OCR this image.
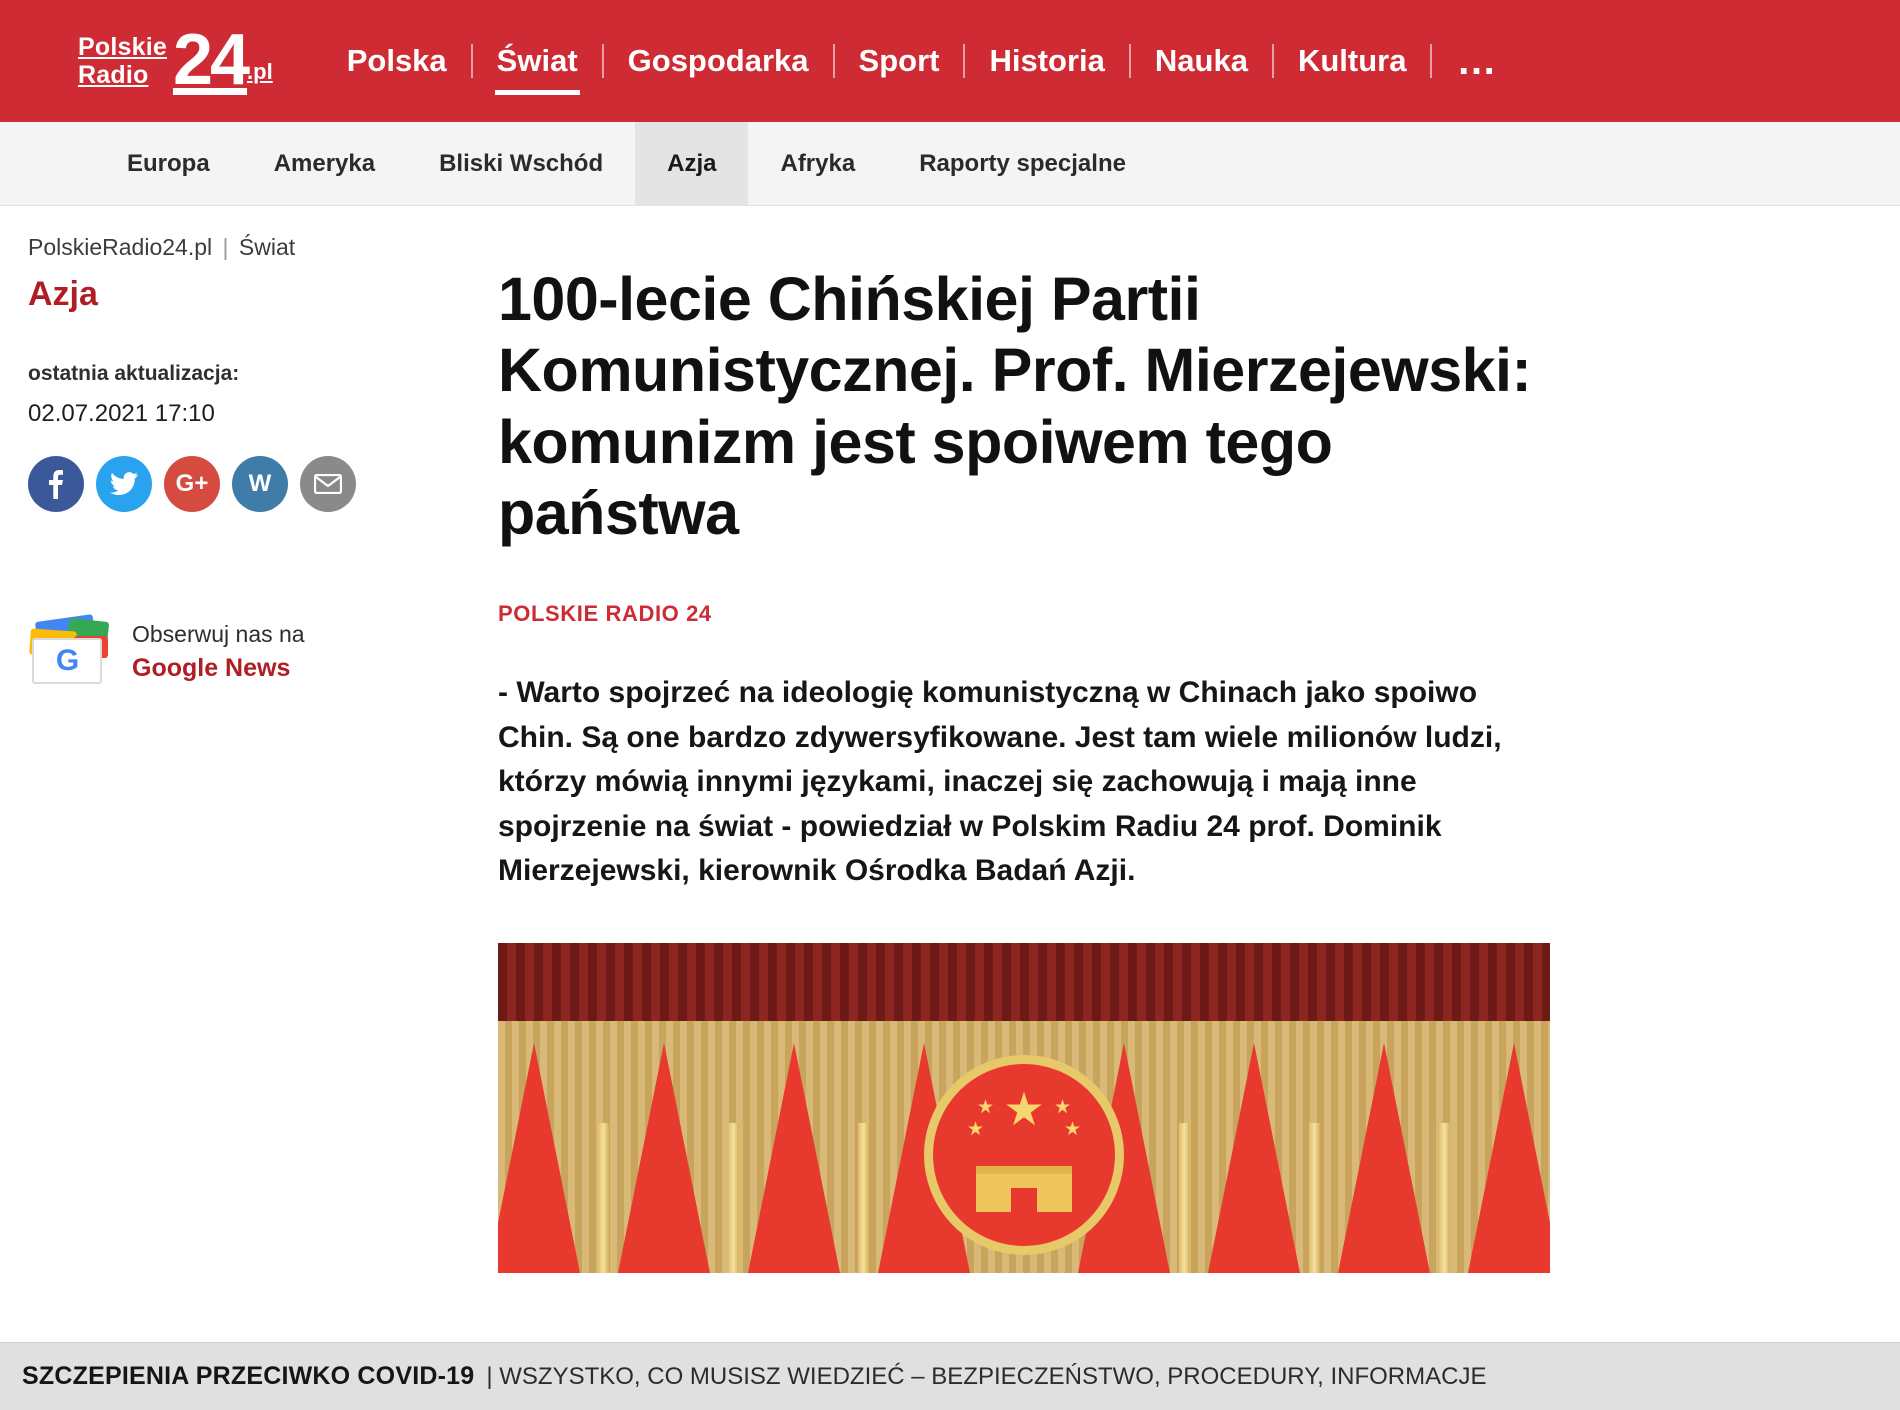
Polskie
Radio 24 .pl Polska Świat Gospodarka Sport Historia Nauka Kultura …
Europa	Ameryka	Bliski Wschód	Azja	Afryka	Raporty specjalne
PolskieRadio24.pl | Świat
Azja
ostatnia aktualizacja:
02.07.2021 17:10
G+ W
G
Obserwuj nas na
Google News
100-lecie Chińskiej Partii Komunistycznej. Prof. Mierzejewski: komunizm jest spoiwem tego państwa
POLSKIE RADIO 24

- Warto spojrzeć na ideologię komunistyczną w Chinach jako spoiwo Chin. Są one bardzo zdywersyfikowane. Jest tam wiele milionów ludzi, którzy mówią innymi językami, inaczej się zachowują i mają inne spojrzenie na świat - powiedział w Polskim Radiu 24 prof. Dominik Mierzejewski, kierownik Ośrodka Badań Azji.

★
★
★
★
★
SZCZEPIENIA PRZECIWKO COVID-19 | WSZYSTKO, CO MUSISZ WIEDZIEĆ – BEZPIECZEŃSTWO, PROCEDURY, INFORMACJE
